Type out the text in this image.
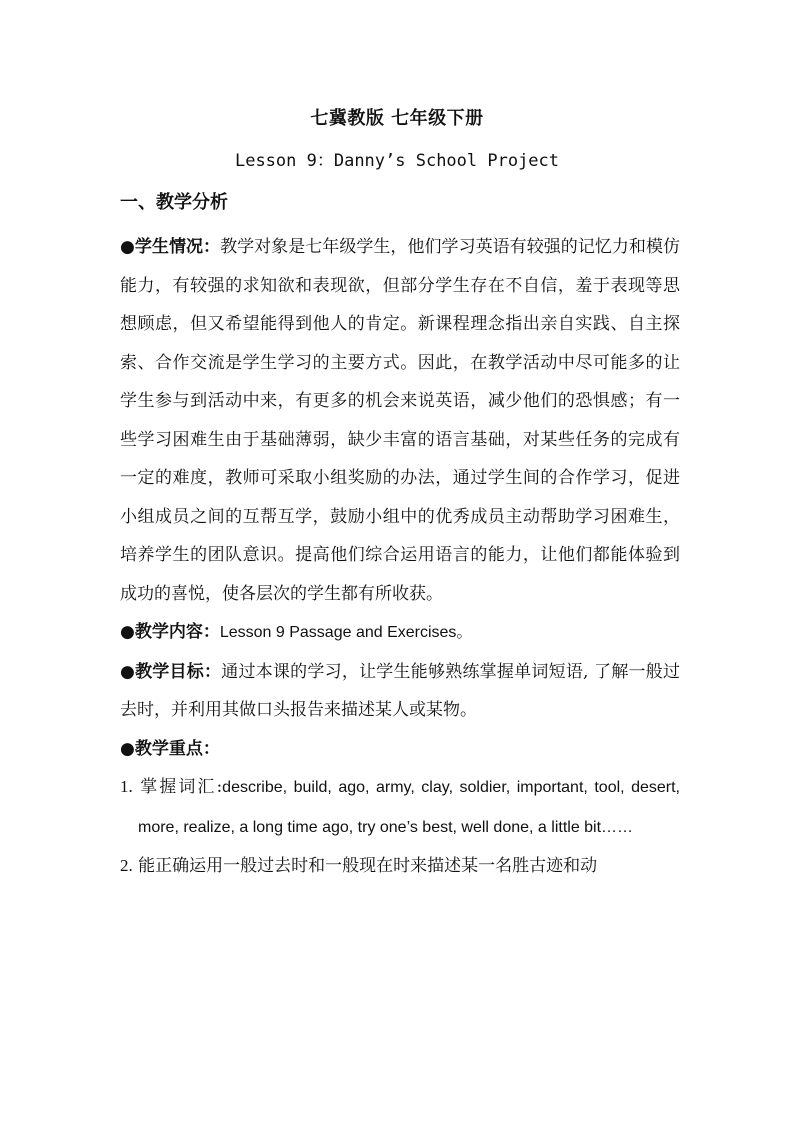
七冀教版 七年级下册
Lesson 9：Danny’s School Project
一、教学分析

●学生情况：教学对象是七年级学生，他们学习英语有较强的记忆力和模仿能力，有较强的求知欲和表现欲，但部分学生存在不自信，羞于表现等思想顾虑，但又希望能得到他人的肯定。新课程理念指出亲自实践、自主探索、合作交流是学生学习的主要方式。因此，在教学活动中尽可能多的让学生参与到活动中来，有更多的机会来说英语，减少他们的恐惧感；有一些学习困难生由于基础薄弱，缺少丰富的语言基础，对某些任务的完成有一定的难度，教师可采取小组奖励的办法，通过学生间的合作学习，促进小组成员之间的互帮互学，鼓励小组中的优秀成员主动帮助学习困难生，培养学生的团队意识。提高他们综合运用语言的能力，让他们都能体验到成功的喜悦，使各层次的学生都有所收获。

●教学内容：Lesson 9 Passage and Exercises。

●教学目标：通过本课的学习，让学生能够熟练掌握单词短语, 了解一般过去时，并利用其做口头报告来描述某人或某物。

●教学重点：

1. 掌握词汇:describe, build, ago, army, clay, soldier, important, tool, desert, more, realize, a long time ago, try one’s best, well done, a little bit……

2. 能正确运用一般过去时和一般现在时来描述某一名胜古迹和动
